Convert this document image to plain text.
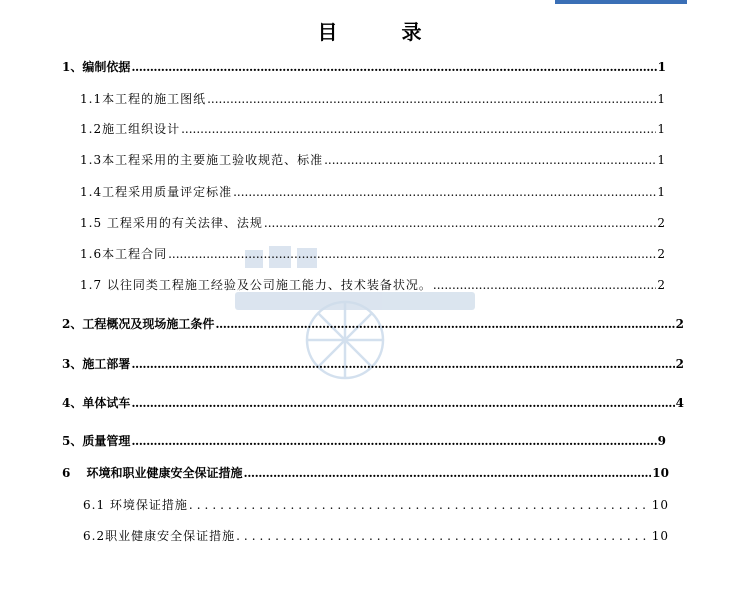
目　录
1、编制依据 .....	1
1.1本工程的施工图纸 .....	1
1.2施工组织设计 .....	1
1.3本工程采用的主要施工验收规范、标准 .....	1
1.4工程采用质量评定标准 .....	1
1.5 工程采用的有关法律、法规 .....	2
1.6本工程合同 .....	2
1.7 以往同类工程施工经验及公司施工能力、技术装备状况。 .....	2
2、工程概况及现场施工条件 .....	2
3、施工部署 .....	2
4、单体试车 .....	4
5、质量管理 .....	9
6　 环境和职业健康安全保证措施 .....	10
6.1 环境保证措施 .....	10
6.2职业健康安全保证措施 .....	10
